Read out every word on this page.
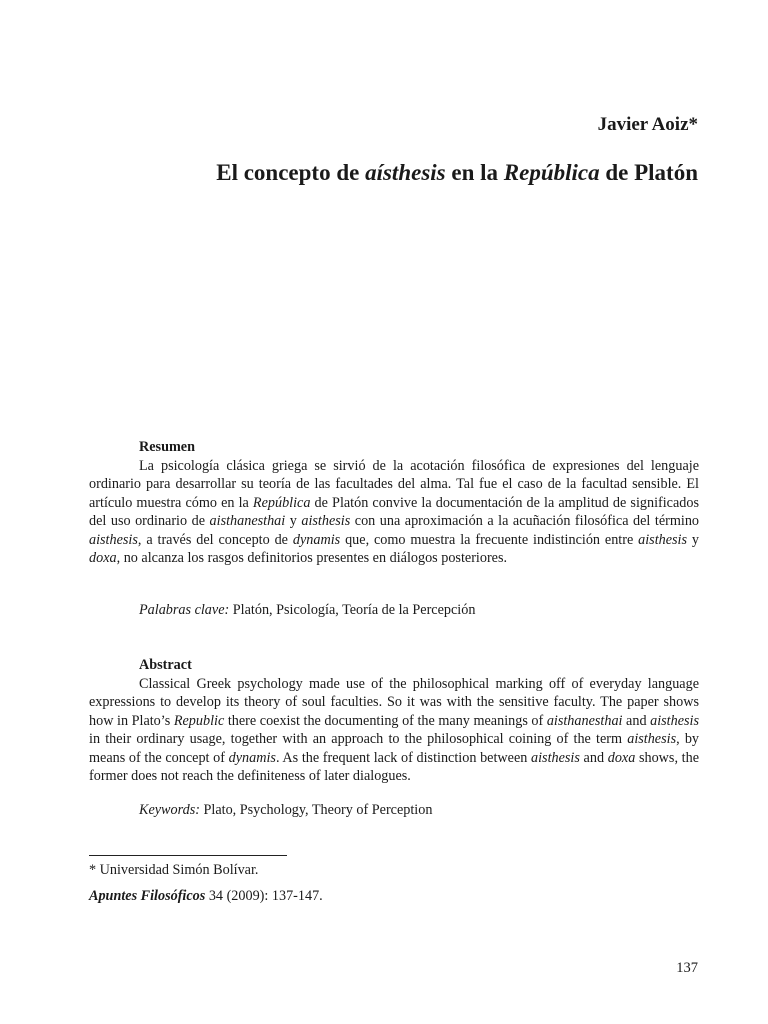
Javier Aoiz*
El concepto de aísthesis en la República de Platón
Resumen

La psicología clásica griega se sirvió de la acotación filosófica de expresiones del lenguaje ordinario para desarrollar su teoría de las facultades del alma. Tal fue el caso de la facultad sensible. El artículo muestra cómo en la República de Platón convive la documentación de la amplitud de significados del uso ordinario de aisthanesthai y aisthesis con una aproximación a la acuñación filosófica del término aisthesis, a través del concepto de dynamis que, como muestra la frecuente indistinción entre aisthesis y doxa, no alcanza los rasgos definitorios presentes en diálogos posteriores.

Palabras clave: Platón, Psicología, Teoría de la Percepción
Abstract

Classical Greek psychology made use of the philosophical marking off of everyday language expressions to develop its theory of soul faculties. So it was with the sensitive faculty. The paper shows how in Plato’s Republic there coexist the documenting of the many meanings of aisthanesthai and aisthesis in their ordinary usage, together with an approach to the philosophical coining of the term aisthesis, by means of the concept of dynamis. As the frequent lack of distinction between aisthesis and doxa shows, the former does not reach the definiteness of later dialogues.

Keywords: Plato, Psychology, Theory of Perception
* Universidad Simón Bolívar.
Apuntes Filosóficos 34 (2009): 137-147.
137
